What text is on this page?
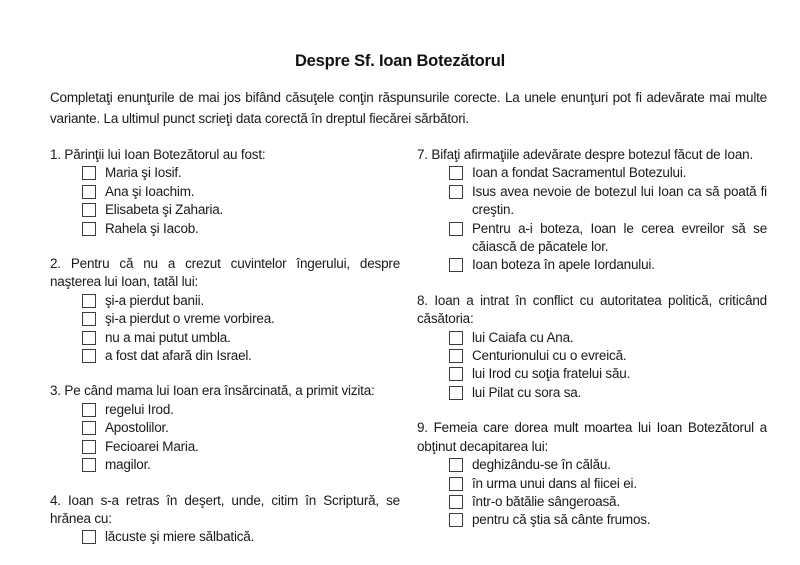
Despre Sf. Ioan Botezătorul

Completaţi enunţurile de mai jos bifând căsuţele conţin răspunsurile corecte. La unele enunţuri pot fi adevărate mai multe variante. La ultimul punct scrieţi data corectă în dreptul fiecărei sărbători.

1. Părinţii lui Ioan Botezătorul au fost:

Maria şi Iosif.
Ana şi Ioachim.
Elisabeta şi Zaharia.
Rahela şi Iacob.

2. Pentru că nu a crezut cuvintelor îngerului, despre naşterea lui Ioan, tatăl lui:

şi-a pierdut banii.
şi-a pierdut o vreme vorbirea.
nu a mai putut umbla.
a fost dat afară din Israel.

3. Pe când mama lui Ioan era însărcinată, a primit vizita:

regelui Irod.
Apostolilor.
Fecioarei Maria.
magilor.

4. Ioan s-a retras în deşert, unde, citim în Scriptură, se hrănea cu:

lăcuste şi miere sălbatică.

7. Bifaţi afirmaţiile adevărate despre botezul făcut de Ioan.

Ioan a fondat Sacramentul Botezului.
Isus avea nevoie de botezul lui Ioan ca să poată fi creştin.
Pentru a-i boteza, Ioan le cerea evreilor să se căiască de păcatele lor.
Ioan boteza în apele Iordanului.

8. Ioan a intrat în conflict cu autoritatea politică, criticând căsătoria:

lui Caiafa cu Ana.
Centurionului cu o evreică.
lui Irod cu soţia fratelui său.
lui Pilat cu sora sa.

9. Femeia care dorea mult moartea lui Ioan Botezătorul a obţinut decapitarea lui:

deghizându-se în călău.
în urma unui dans al fiicei ei.
într-o bătălie sângeroasă.
pentru că ştia să cânte frumos.
